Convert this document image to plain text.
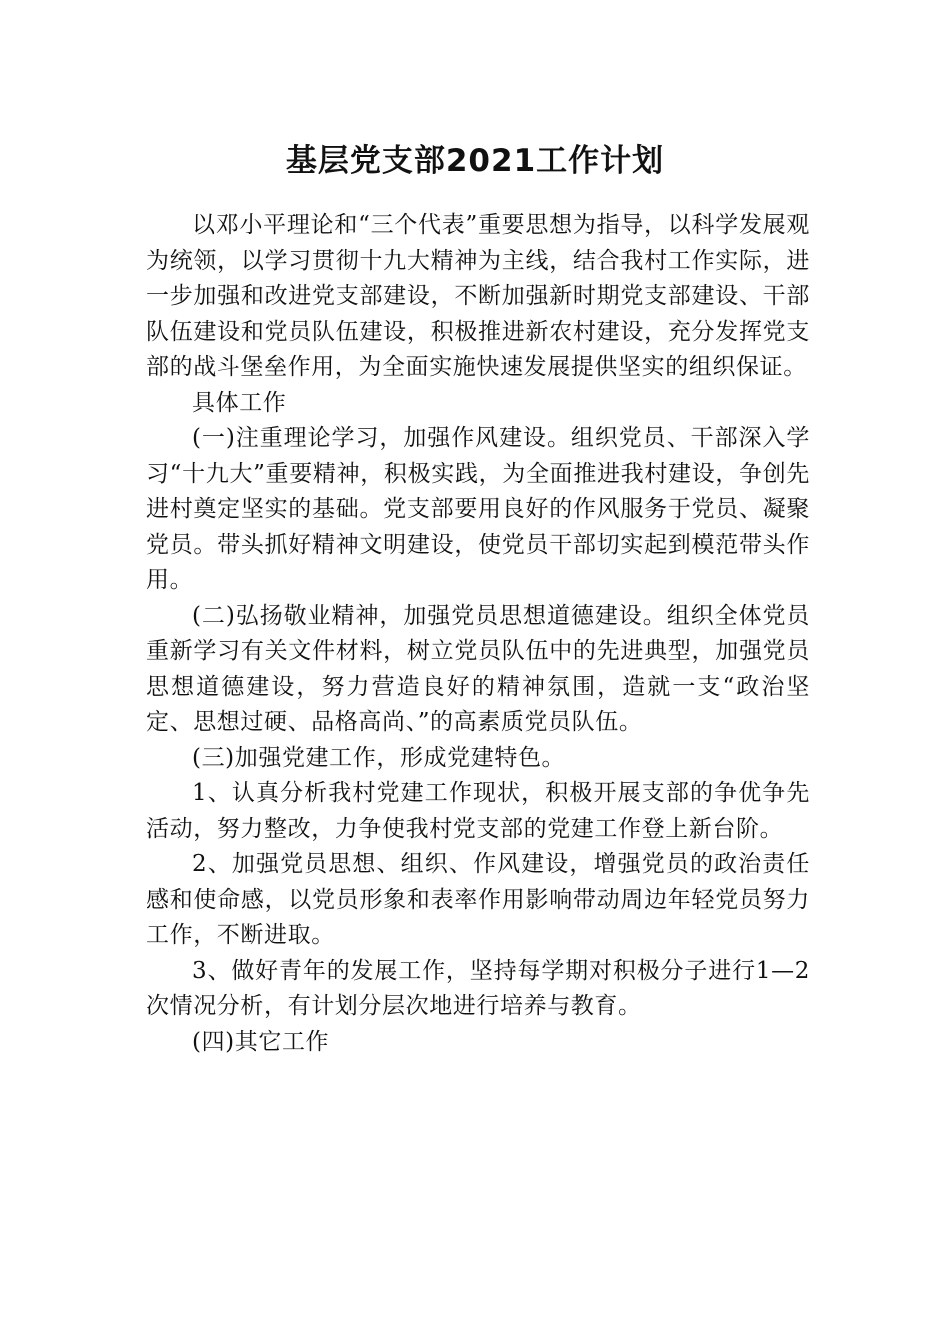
基层党支部2021工作计划

以邓小平理论和“三个代表”重要思想为指导，以科学发展观为统领，以学习贯彻十九大精神为主线，结合我村工作实际，进一步加强和改进党支部建设，不断加强新时期党支部建设、干部队伍建设和党员队伍建设，积极推进新农村建设，充分发挥党支部的战斗堡垒作用，为全面实施快速发展提供坚实的组织保证。

具体工作

(一)注重理论学习，加强作风建设。组织党员、干部深入学习“十九大”重要精神，积极实践，为全面推进我村建设，争创先进村奠定坚实的基础。党支部要用良好的作风服务于党员、凝聚党员。带头抓好精神文明建设，使党员干部切实起到模范带头作用。

(二)弘扬敬业精神，加强党员思想道德建设。组织全体党员重新学习有关文件材料，树立党员队伍中的先进典型，加强党员思想道德建设，努力营造良好的精神氛围，造就一支“政治坚定、思想过硬、品格高尚、”的高素质党员队伍。

(三)加强党建工作，形成党建特色。

1、认真分析我村党建工作现状，积极开展支部的争优争先活动，努力整改，力争使我村党支部的党建工作登上新台阶。

2、加强党员思想、组织、作风建设，增强党员的政治责任感和使命感，以党员形象和表率作用影响带动周边年轻党员努力工作，不断进取。

3、做好青年的发展工作，坚持每学期对积极分子进行1—2次情况分析，有计划分层次地进行培养与教育。

(四)其它工作
